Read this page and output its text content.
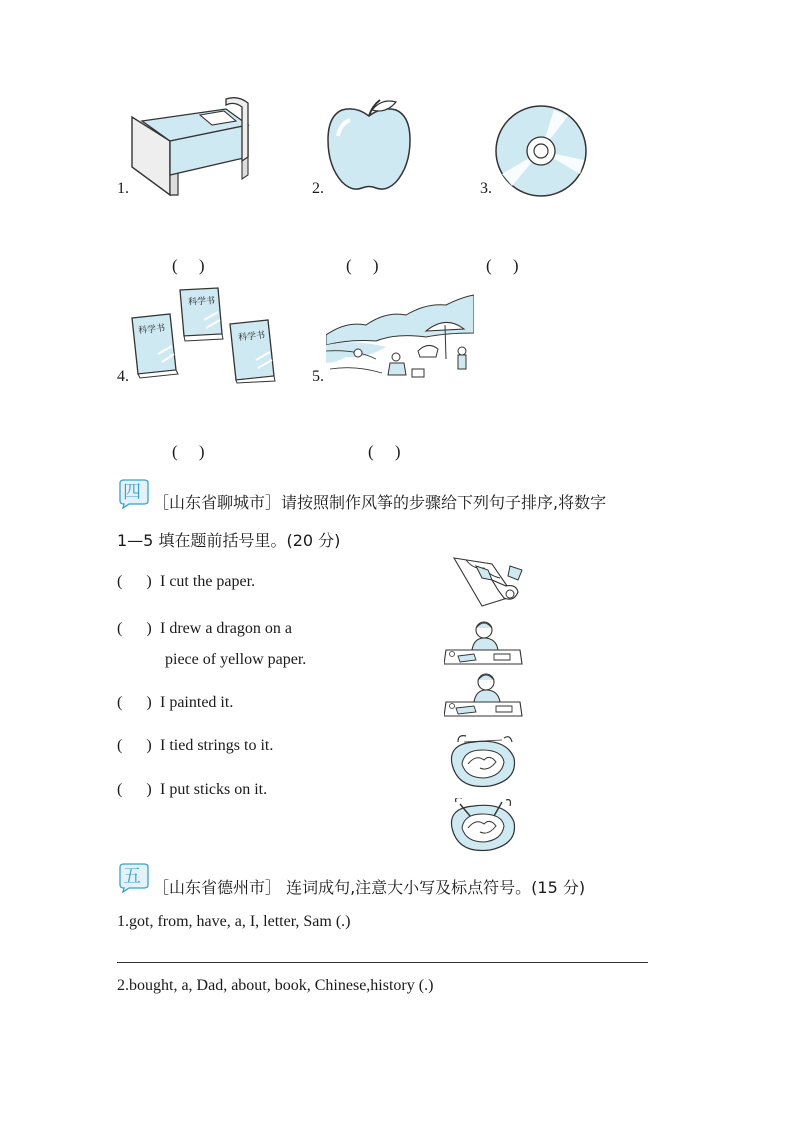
1.	2.	3.
(     )	(     )	(     )
科学书
科学书
科学书
4.	5.
(     )	(     )
四 ［山东省聊城市］请按照制作风筝的步骤给下列句子排序,将数字
1—5 填在题前括号里。(20 分)
(      ) I cut the paper.
(      ) I drew a dragon on a
piece of yellow paper.
(      ) I painted it.
(      ) I tied strings to it.
(      ) I put sticks on it.
五
［山东省德州市］ 连词成句,注意大小写及标点符号。(15 分)
1.got, from, have, a, I, letter, Sam (.)
2.bought, a, Dad, about, book, Chinese,history (.)
